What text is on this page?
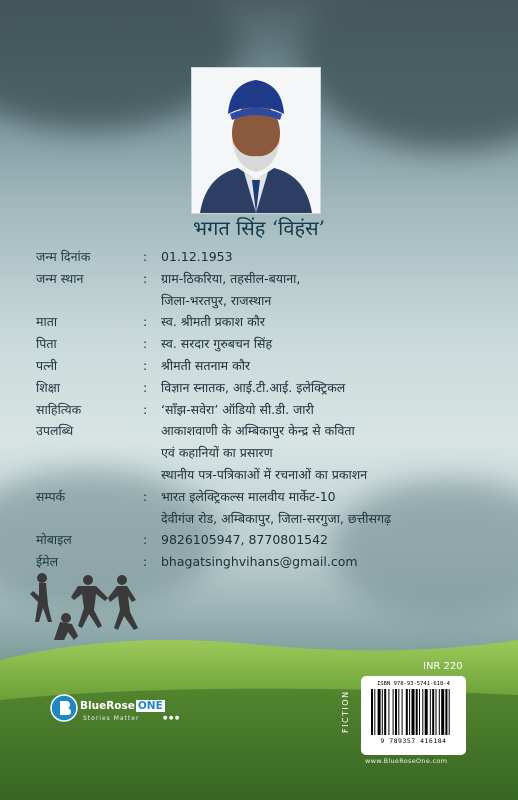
भगत सिंह ‘विहंस’
जन्म दिनांक	:	01.12.1953
जन्म स्थान	:	ग्राम-ठिकरिया, तहसील-बयाना,
जिला-भरतपुर, राजस्थान
माता	:	स्व. श्रीमती प्रकाश कौर
पिता	:	स्व. सरदार गुरुबचन सिंह
पत्नी	:	श्रीमती सतनाम कौर
शिक्षा	:	विज्ञान स्नातक, आई.टी.आई. इलेक्ट्रिकल
साहित्यिक	:	‘साँझ-सवेरा’ ऑडियो सी.डी. जारी
उपलब्धि	आकाशवाणी के अम्बिकापुर केन्द्र से कविता
एवं कहानियों का प्रसारण
स्थानीय पत्र-पत्रिकाओं में रचनाओं का प्रकाशन
सम्पर्क	:	भारत इलेक्ट्रिकल्स मालवीय मार्केट-10
देवीगंज रोड, अम्बिकापुर, जिला-सरगुजा, छत्तीसगढ़
मोबाइल	:	9826105947, 8770801542
ईमेल	:	bhagatsinghvihans@gmail.com
BlueRose ONE
Stories Matter	● ● ●
INR 220
FICTION
ISBN 978-93-5741-618-4
9 789357 416184
www.BlueRoseOne.com
